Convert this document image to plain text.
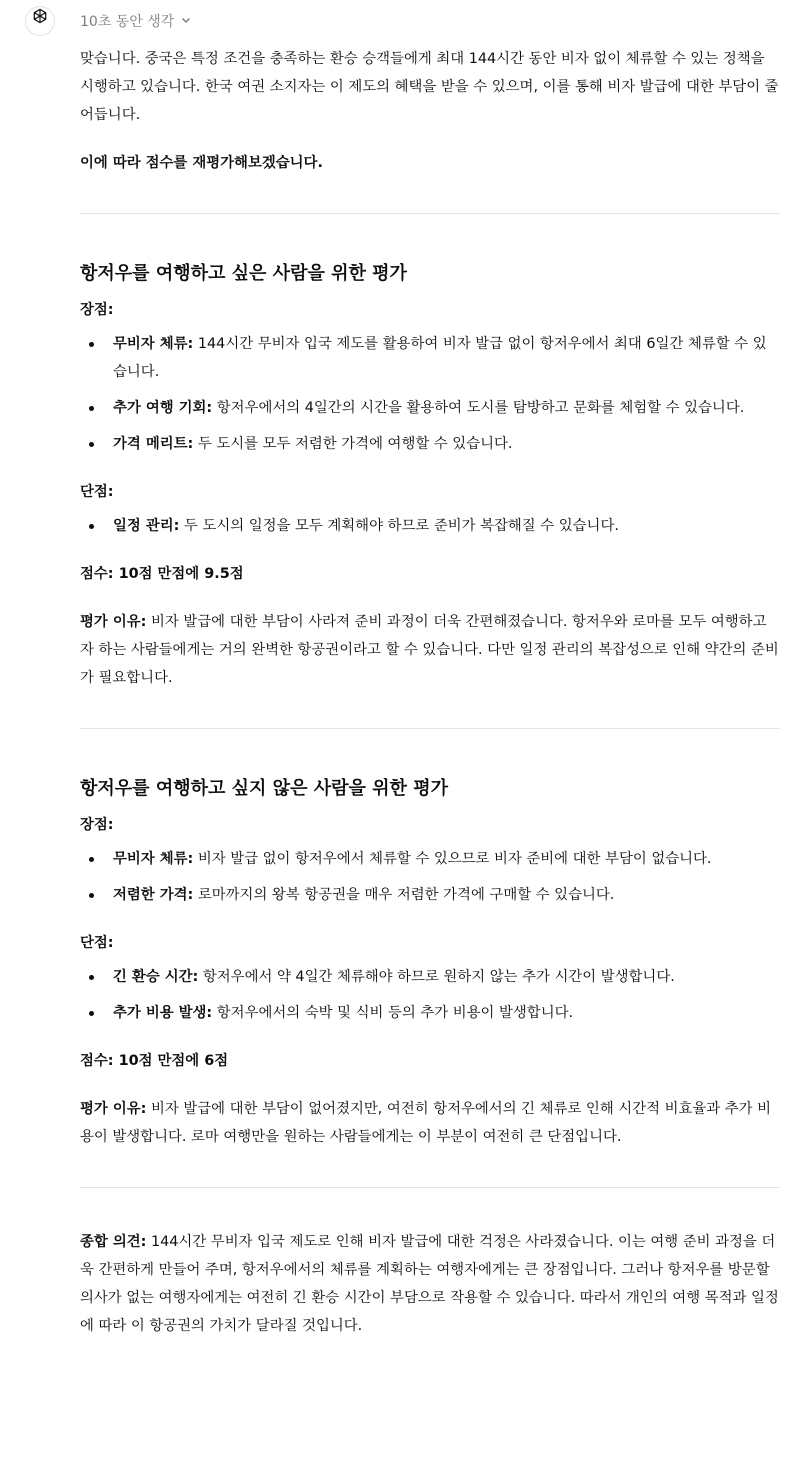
10초 동안 생각

맞습니다. 중국은 특정 조건을 충족하는 환승 승객들에게 최대 144시간 동안 비자 없이 체류할 수 있는 정책을 시행하고 있습니다. 한국 여권 소지자는 이 제도의 혜택을 받을 수 있으며, 이를 통해 비자 발급에 대한 부담이 줄어듭니다.

이에 따라 점수를 재평가해보겠습니다.

항저우를 여행하고 싶은 사람을 위한 평가

장점:

무비자 체류: 144시간 무비자 입국 제도를 활용하여 비자 발급 없이 항저우에서 최대 6일간 체류할 수 있습니다.
추가 여행 기회: 항저우에서의 4일간의 시간을 활용하여 도시를 탐방하고 문화를 체험할 수 있습니다.
가격 메리트: 두 도시를 모두 저렴한 가격에 여행할 수 있습니다.

단점:

일정 관리: 두 도시의 일정을 모두 계획해야 하므로 준비가 복잡해질 수 있습니다.

점수: 10점 만점에 9.5점

평가 이유: 비자 발급에 대한 부담이 사라져 준비 과정이 더욱 간편해졌습니다. 항저우와 로마를 모두 여행하고자 하는 사람들에게는 거의 완벽한 항공권이라고 할 수 있습니다. 다만 일정 관리의 복잡성으로 인해 약간의 준비가 필요합니다.

항저우를 여행하고 싶지 않은 사람을 위한 평가

장점:

무비자 체류: 비자 발급 없이 항저우에서 체류할 수 있으므로 비자 준비에 대한 부담이 없습니다.
저렴한 가격: 로마까지의 왕복 항공권을 매우 저렴한 가격에 구매할 수 있습니다.

단점:

긴 환승 시간: 항저우에서 약 4일간 체류해야 하므로 원하지 않는 추가 시간이 발생합니다.
추가 비용 발생: 항저우에서의 숙박 및 식비 등의 추가 비용이 발생합니다.

점수: 10점 만점에 6점

평가 이유: 비자 발급에 대한 부담이 없어졌지만, 여전히 항저우에서의 긴 체류로 인해 시간적 비효율과 추가 비용이 발생합니다. 로마 여행만을 원하는 사람들에게는 이 부분이 여전히 큰 단점입니다.

종합 의견: 144시간 무비자 입국 제도로 인해 비자 발급에 대한 걱정은 사라졌습니다. 이는 여행 준비 과정을 더욱 간편하게 만들어 주며, 항저우에서의 체류를 계획하는 여행자에게는 큰 장점입니다. 그러나 항저우를 방문할 의사가 없는 여행자에게는 여전히 긴 환승 시간이 부담으로 작용할 수 있습니다. 따라서 개인의 여행 목적과 일정에 따라 이 항공권의 가치가 달라질 것입니다.
